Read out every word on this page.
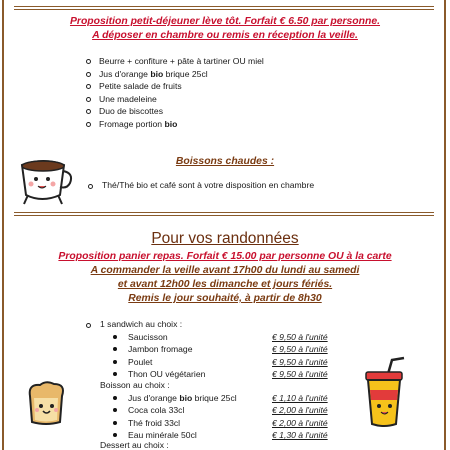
Proposition petit-déjeuner lève tôt. Forfait € 6.50 par personne.
A déposer en chambre ou remis en réception la veille.
Beurre + confiture + pâte à tartiner OU miel
Jus d'orange bio brique 25cl
Petite salade de fruits
Une madeleine
Duo de biscottes
Fromage portion bio
Boissons chaudes :
Thé/Thé bio et café sont à votre disposition en chambre
Pour vos randonnées
Proposition panier repas. Forfait € 15.00 par personne OU à la carte
A commander la veille avant 17h00 du lundi au samedi
et avant 12h00 les dimanche et jours fériés.
Remis le jour souhaité, à partir de 8h30
1 sandwich au choix :
Saucisson	€ 9,50 à l'unité
Jambon fromage	€ 9,50 à l'unité
Poulet	€ 9,50 à l'unité
Thon OU végétarien	€ 9,50 à l'unité
Boisson au choix :
Jus d'orange bio brique 25cl	€ 1,10 à l'unité
Coca cola 33cl	€ 2,00 à l'unité
Thé froid 33cl	€ 2,00 à l'unité
Eau minérale 50cl	€ 1,30 à l'unité
Dessert au choix :
